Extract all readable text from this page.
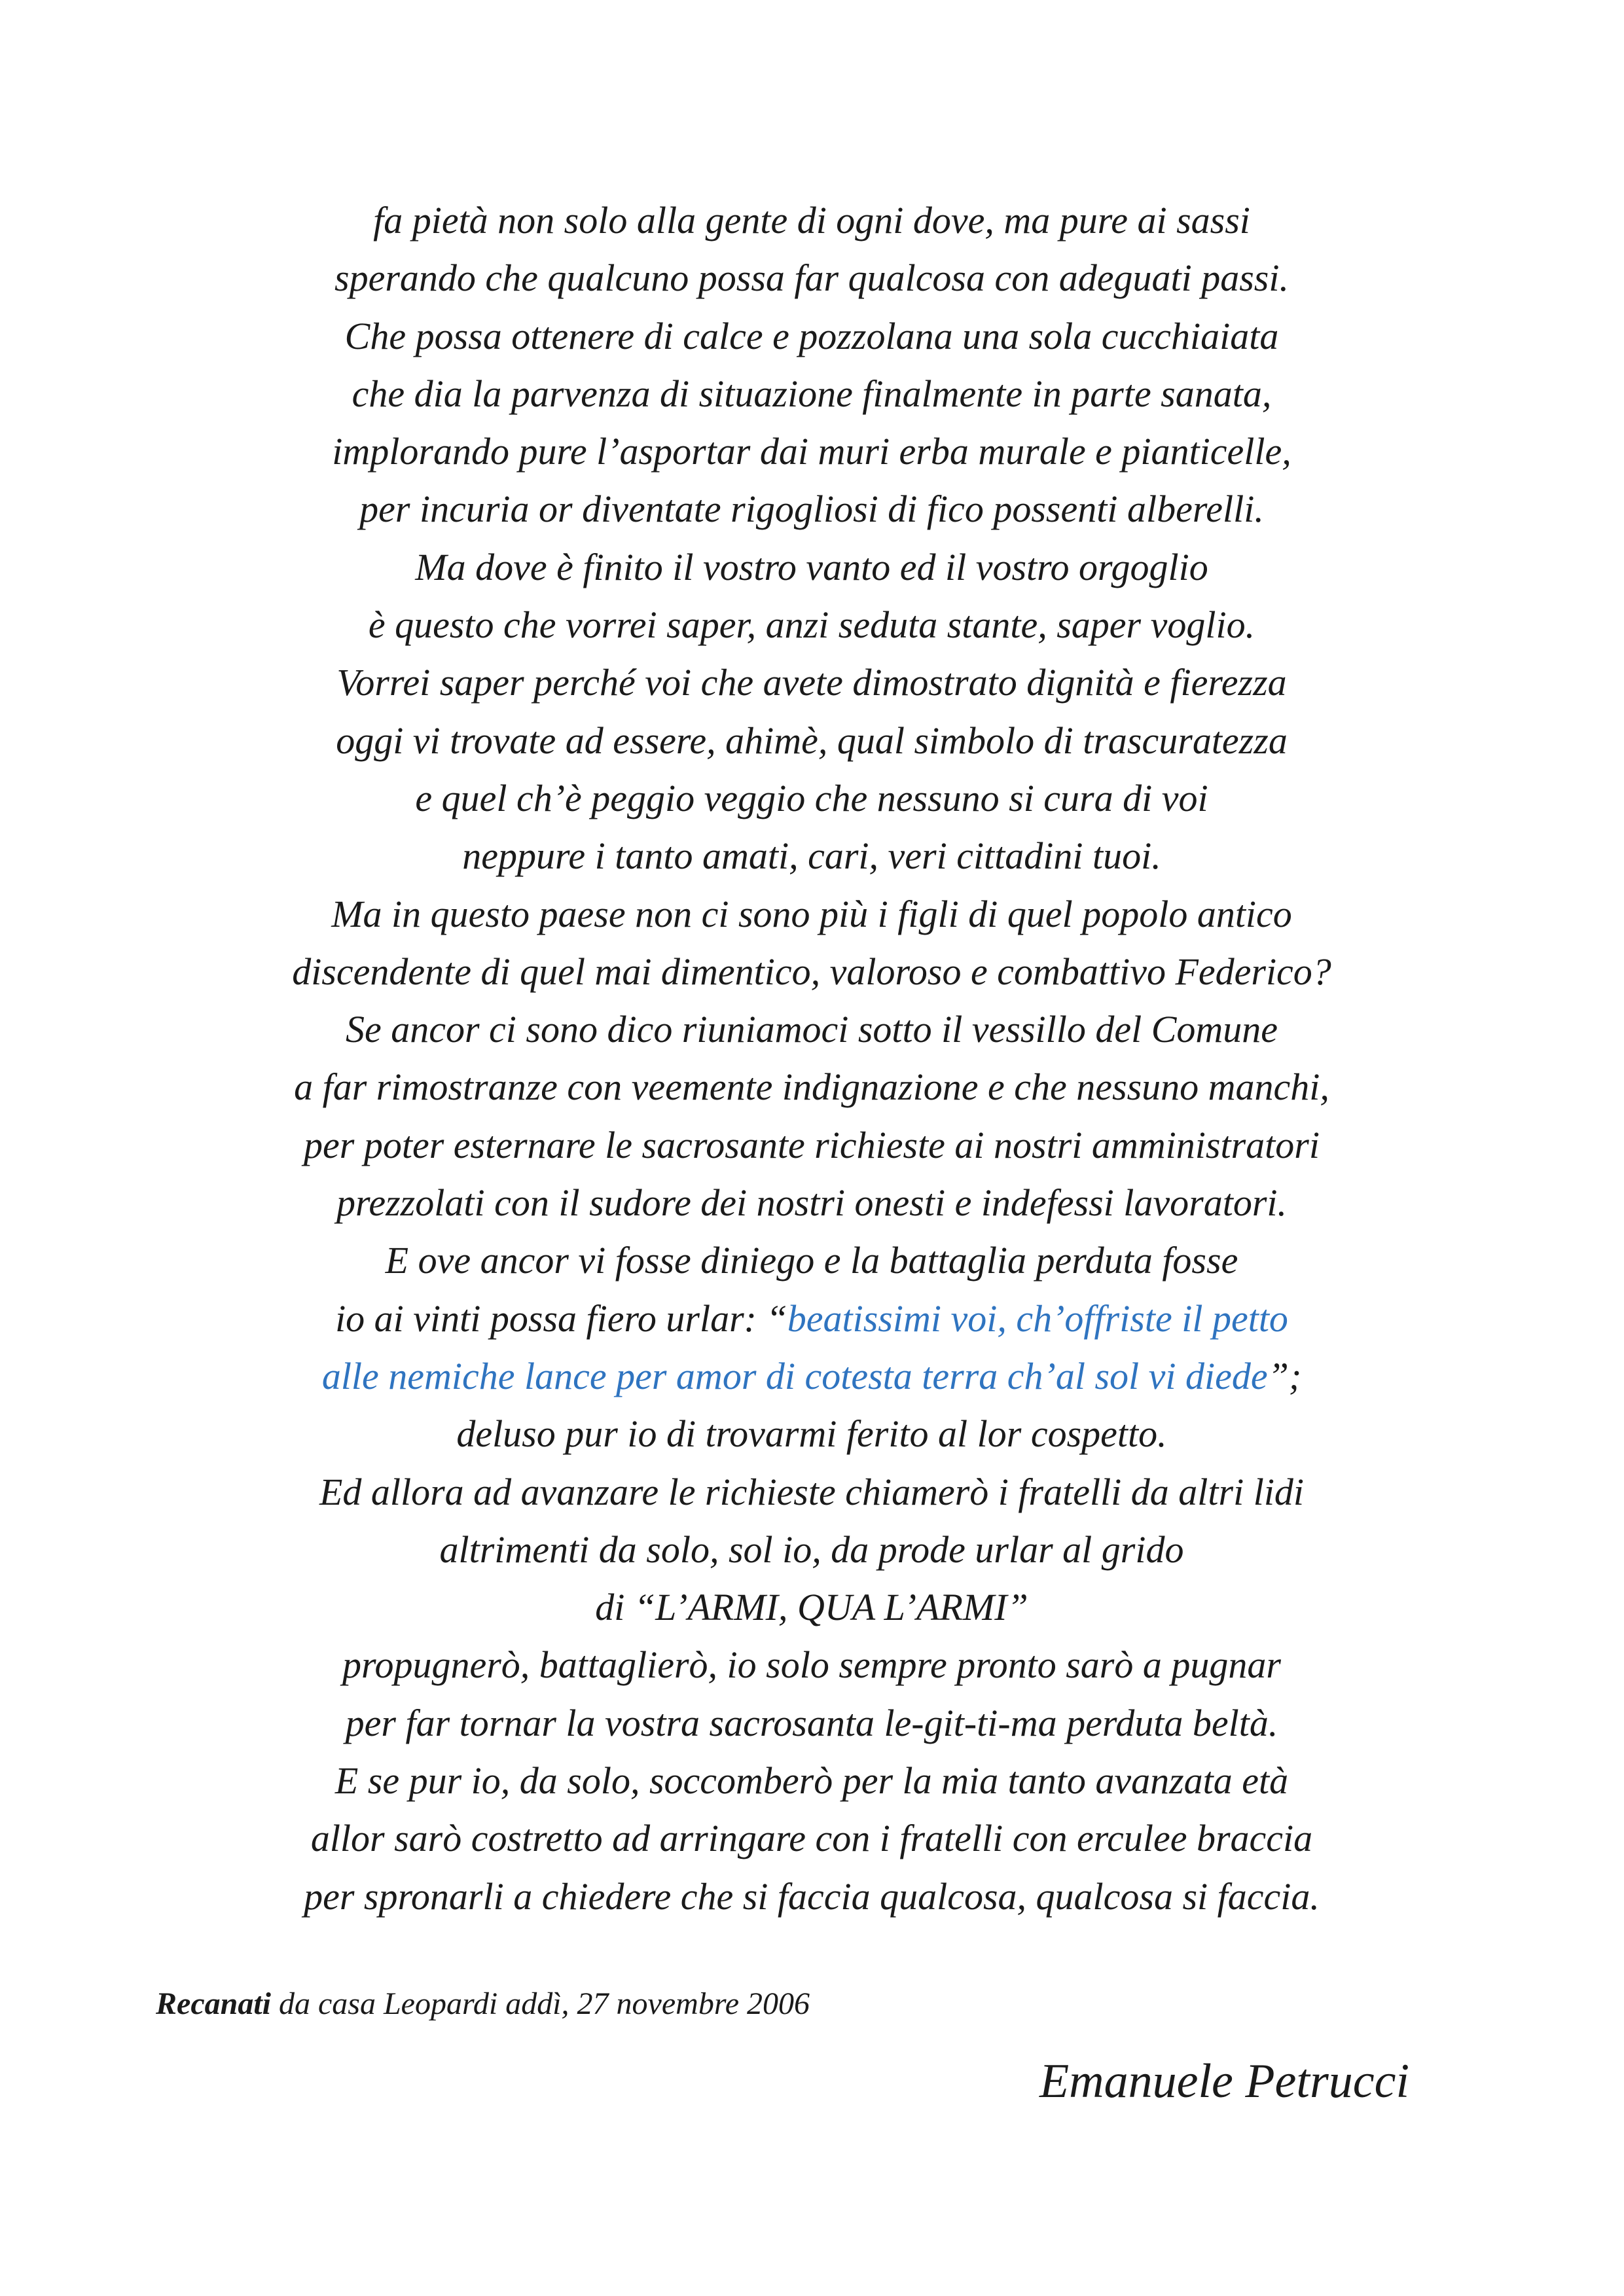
fa pietà non solo alla gente di ogni dove, ma pure ai sassi
sperando che qualcuno possa far qualcosa con adeguati passi.
Che possa ottenere di calce e pozzolana una sola cucchiaiata
che dia la parvenza di situazione finalmente in parte sanata,
implorando pure l’asportar dai muri erba murale e pianticelle,
per incuria or diventate rigogliosi di fico possenti alberelli.
Ma dove è finito il vostro vanto ed il vostro orgoglio
è questo che vorrei saper, anzi seduta stante, saper voglio.
Vorrei saper perché voi che avete dimostrato dignità e fierezza
oggi vi trovate ad essere, ahimè, qual simbolo di trascuratezza
e quel ch’è peggio veggio che nessuno si cura di voi
neppure i tanto amati, cari, veri cittadini tuoi.
Ma in questo paese non ci sono più i figli di quel popolo antico
discendente di quel mai dimentico, valoroso e combattivo Federico?
Se ancor ci sono dico riuniamoci sotto il vessillo del Comune
a far rimostranze con veemente indignazione e che nessuno manchi,
per poter esternare le sacrosante richieste ai nostri amministratori
prezzolati con il sudore dei nostri onesti e indefessi lavoratori.
E ove ancor vi fosse diniego e la battaglia perduta fosse
io ai vinti possa fiero urlar: “beatissimi voi, ch’offriste il petto
alle nemiche lance per amor di cotesta terra ch’al sol vi diede”;
deluso pur io di trovarmi ferito al lor cospetto.
Ed allora ad avanzare le richieste chiamerò i fratelli da altri lidi
altrimenti da solo, sol io, da prode urlar al grido
di “L’ARMI, QUA L’ARMI”
propugnerò, battaglierò, io solo sempre pronto sarò a pugnar
per far tornar la vostra sacrosanta le-git-ti-ma perduta beltà.
E se pur io, da solo, soccomberò per la mia tanto avanzata età
allor sarò costretto ad arringare con i fratelli con erculee braccia
per spronarli a chiedere che si faccia qualcosa, qualcosa si faccia.
Recanati da casa Leopardi addì, 27 novembre 2006
Emanuele Petrucci
